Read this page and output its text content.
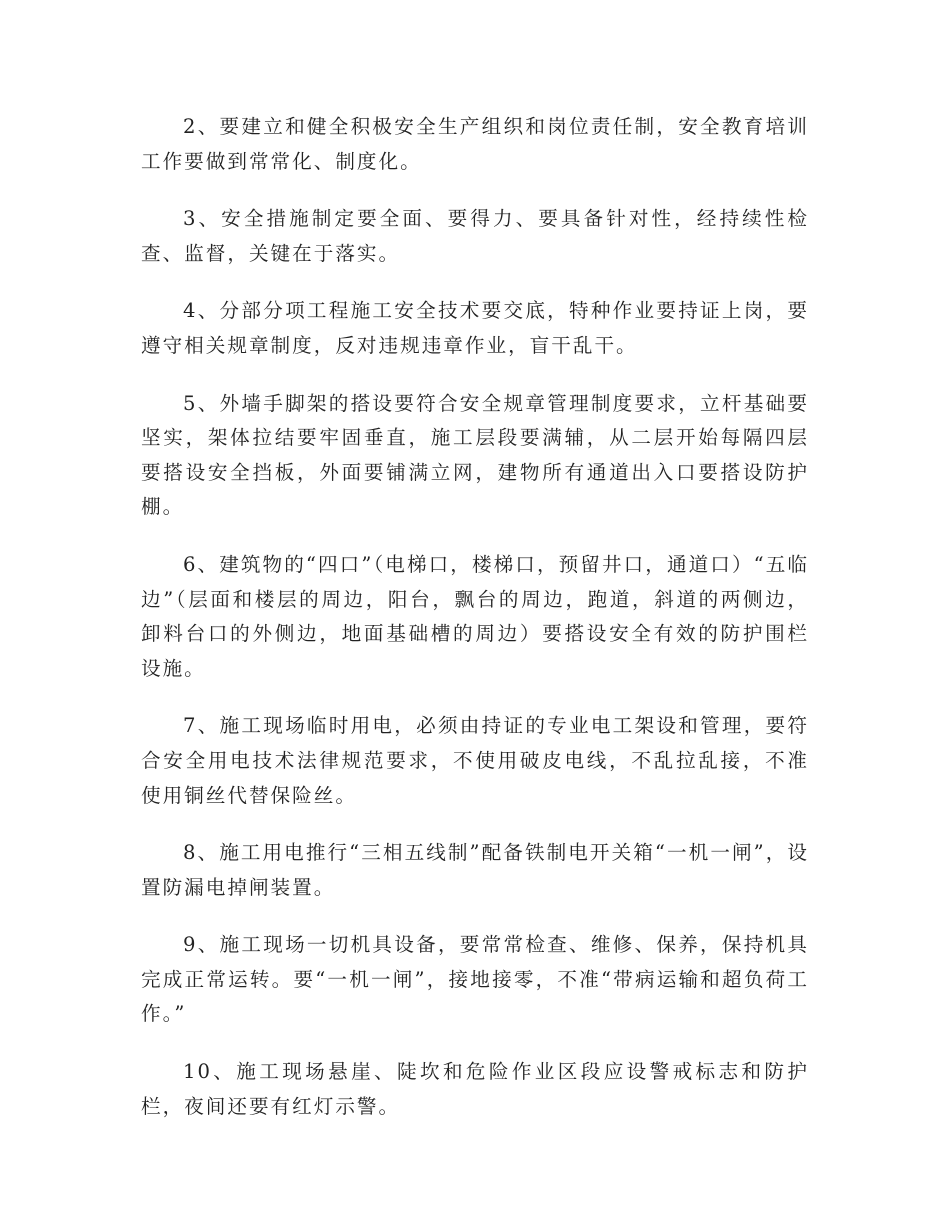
2、要建立和健全积极安全生产组织和岗位责任制，安全教育培训工作要做到常常化、制度化。

3、安全措施制定要全面、要得力、要具备针对性，经持续性检查、监督，关键在于落实。

4、分部分项工程施工安全技术要交底，特种作业要持证上岗，要遵守相关规章制度，反对违规违章作业，盲干乱干。

5、外墙手脚架的搭设要符合安全规章管理制度要求，立杆基础要坚实，架体拉结要牢固垂直，施工层段要满辅，从二层开始每隔四层要搭设安全挡板，外面要铺满立网，建物所有通道出入口要搭设防护棚。

6、建筑物的“四口”（电梯口，楼梯口，预留井口，通道口）“五临边”（层面和楼层的周边，阳台，飘台的周边，跑道，斜道的两侧边，卸料台口的外侧边，地面基础槽的周边）要搭设安全有效的防护围栏设施。

7、施工现场临时用电，必须由持证的专业电工架设和管理，要符合安全用电技术法律规范要求，不使用破皮电线，不乱拉乱接，不准使用铜丝代替保险丝。

8、施工用电推行“三相五线制”配备铁制电开关箱“一机一闸”，设置防漏电掉闸装置。

9、施工现场一切机具设备，要常常检查、维修、保养，保持机具完成正常运转。要“一机一闸”，接地接零，不准“带病运输和超负荷工作。”

10、施工现场悬崖、陡坎和危险作业区段应设警戒标志和防护栏，夜间还要有红灯示警。
